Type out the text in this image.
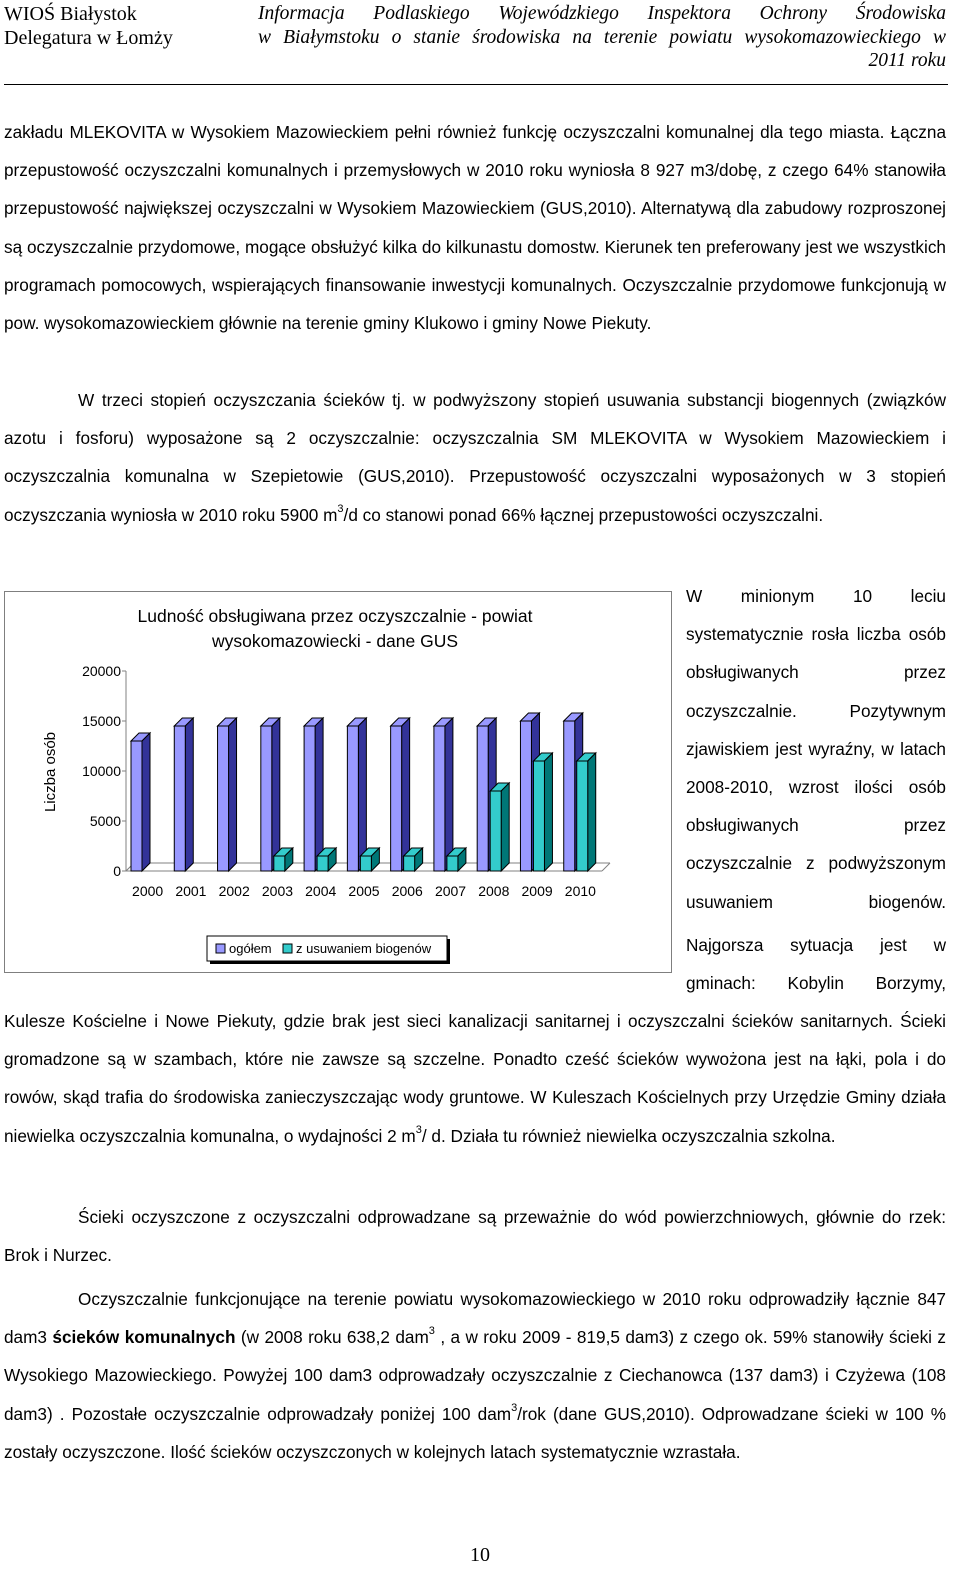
WIOŚ Białystok
Delegatura w Łomży
Informacja Podlaskiego Wojewódzkiego Inspektora Ochrony Środowiska
w Białymstoku o stanie środowiska na terenie powiatu wysokomazowieckiego w
2011 roku
zakładu MLEKOVITA w Wysokiem Mazowieckiem pełni również funkcję oczyszczalni komunalnej dla tego miasta. Łączna przepustowość oczyszczalni komunalnych i przemysłowych w 2010 roku wyniosła 8 927 m3/dobę, z czego 64% stanowiła przepustowość największej oczyszczalni w Wysokiem Mazowieckiem (GUS,2010). Alternatywą dla zabudowy rozproszonej są oczyszczalnie przydomowe, mogące obsłużyć kilka do kilkunastu domostw. Kierunek ten preferowany jest we wszystkich programach pomocowych, wspierających finansowanie inwestycji komunalnych. Oczyszczalnie przydomowe funkcjonują w pow. wysokomazowieckiem głównie na terenie gminy Klukowo i gminy Nowe Piekuty.
W trzeci stopień oczyszczania ścieków tj. w podwyższony stopień usuwania substancji biogennych (związków azotu i fosforu) wyposażone są 2 oczyszczalnie: oczyszczalnia SM MLEKOVITA w Wysokiem Mazowieckiem i oczyszczalnia komunalna w Szepietowie (GUS,2010). Przepustowość oczyszczalni wyposażonych w 3 stopień oczyszczania wyniosła w 2010 roku 5900 $m^3/d$ co stanowi ponad 66% łącznej przepustowości oczyszczalni.
Ludność obsługiwana przez oczyszczalnie - powiat
wysokomazowiecki - dane GUS
Liczba osób
0
5000
10000
15000
20000
2000 2001 2002 2003 2004 2005 2006 2007 2008 2009 2010
ogółem z usuwaniem biogenów
W minionym 10 leciu systematycznie rosła liczba osób obsługiwanych przez oczyszczalnie. Pozytywnym zjawiskiem jest wyraźny, w latach 2008-2010, wzrost ilości osób obsługiwanych przez oczyszczalnie z podwyższonym usuwaniem biogenów.
Najgorsza sytuacja jest w gminach: Kobylin Borzymy,
Kulesze Kościelne i Nowe Piekuty, gdzie brak jest sieci kanalizacji sanitarnej i oczyszczalni ścieków sanitarnych. Ścieki gromadzone są w szambach, które nie zawsze są szczelne. Ponadto cześć ścieków wywożona jest na łąki, pola i do rowów, skąd trafia do środowiska zanieczyszczając wody gruntowe. W Kuleszach Kościelnych przy Urzędzie Gminy działa niewielka oczyszczalnia komunalna, o wydajności 2 $m^3/$ d. Działa tu również niewielka oczyszczalnia szkolna.
Ścieki oczyszczone z oczyszczalni odprowadzane są przeważnie do wód powierzchniowych, głównie do rzek: Brok i Nurzec.
Oczyszczalnie funkcjonujące na terenie powiatu wysokomazowieckiego w 2010 roku odprowadziły łącznie 847 dam3 ścieków komunalnych (w 2008 roku 638,2 dam$^3$ , a w roku 2009 - 819,5 dam3) z czego ok. 59% stanowiły ścieki z Wysokiego Mazowieckiego. Powyżej 100 dam3 odprowadzały oczyszczalnie z Ciechanowca (137 dam3) i Czyżewa (108 dam3) . Pozostałe oczyszczalnie odprowadzały poniżej 100 dam$^3$/rok (dane GUS,2010). Odprowadzane ścieki w 100 % zostały oczyszczone. Ilość ścieków oczyszczonych w kolejnych latach systematycznie wzrastała.
10
